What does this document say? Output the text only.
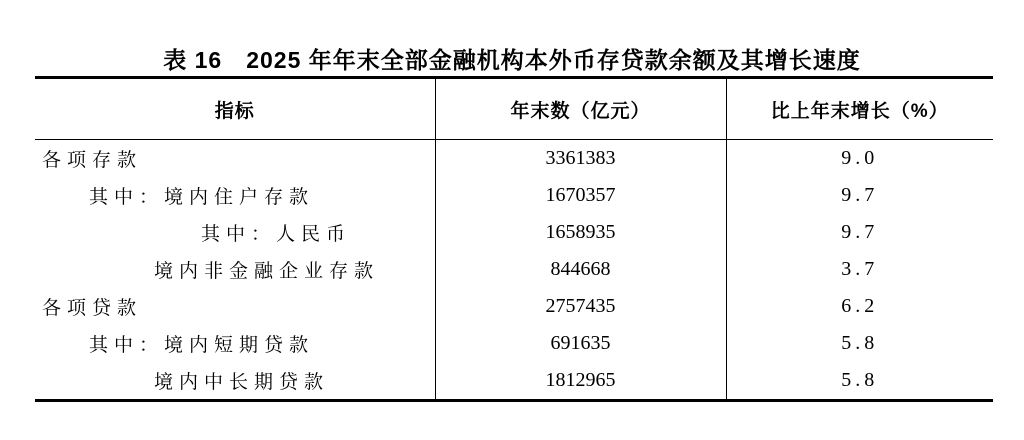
表 16　2025 年年末全部金融机构本外币存贷款余额及其增长速度
指标	年末数（亿元）	比上年末增长（%）
各项存款	3361383	9.0
其中：境内住户存款	1670357	9.7
其中：人民币	1658935	9.7
境内非金融企业存款	844668	3.7
各项贷款	2757435	6.2
其中：境内短期贷款	691635	5.8
境内中长期贷款	1812965	5.8
